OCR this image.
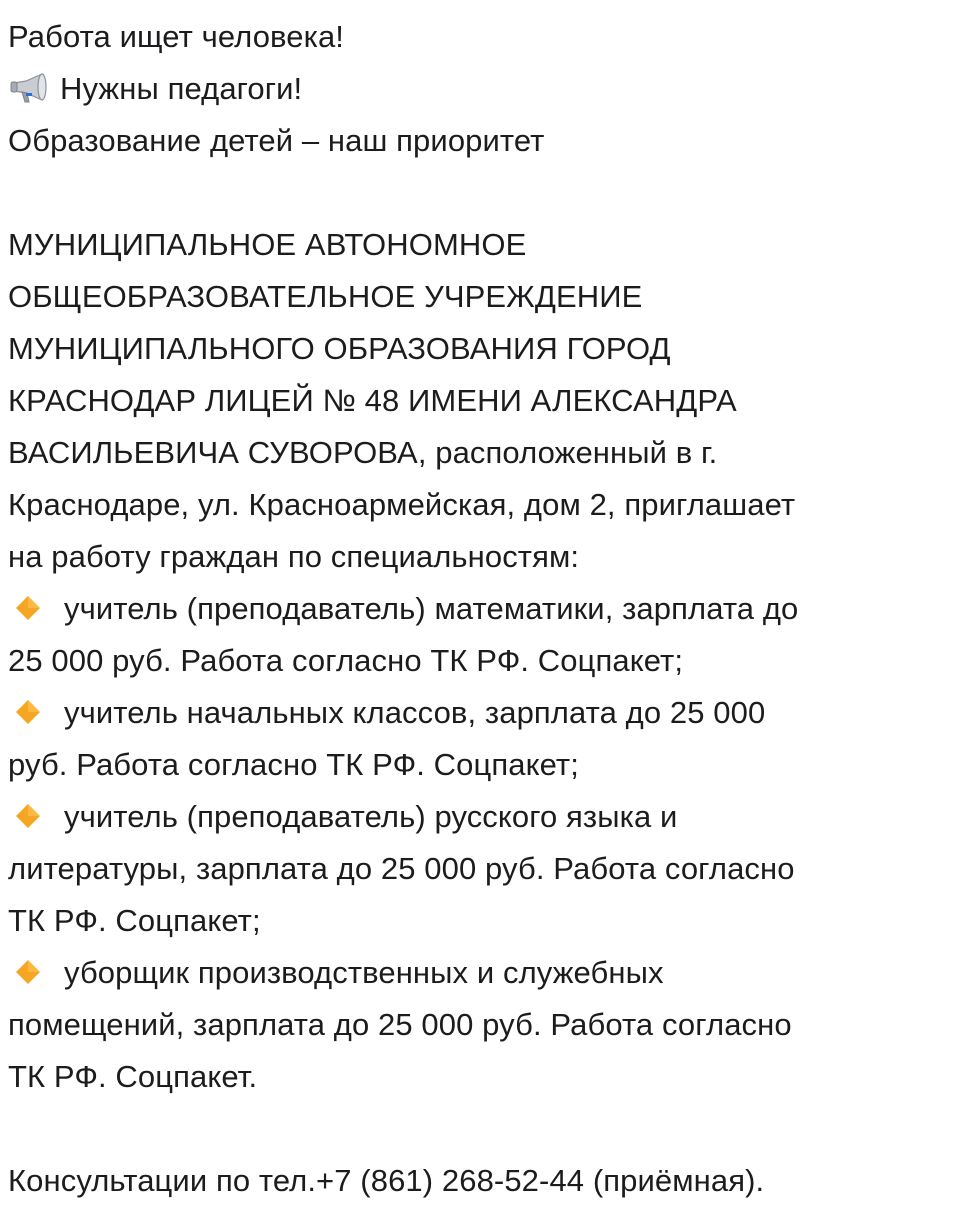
Работа ищет человека!
Нужны педагоги!
Образование детей – наш приоритет
МУНИЦИПАЛЬНОЕ АВТОНОМНОЕ
ОБЩЕОБРАЗОВАТЕЛЬНОЕ УЧРЕЖДЕНИЕ
МУНИЦИПАЛЬНОГО ОБРАЗОВАНИЯ ГОРОД
КРАСНОДАР ЛИЦЕЙ № 48 ИМЕНИ АЛЕКСАНДРА
ВАСИЛЬЕВИЧА СУВОРОВА, расположенный в г.
Краснодаре, ул. Красноармейская, дом 2, приглашает
на работу граждан по специальностям:
учитель (преподаватель) математики, зарплата до
25 000 руб. Работа согласно ТК РФ. Соцпакет;
учитель начальных классов, зарплата до 25 000
руб. Работа согласно ТК РФ. Соцпакет;
учитель (преподаватель) русского языка и
литературы, зарплата до 25 000 руб. Работа согласно
ТК РФ. Соцпакет;
уборщик производственных и служебных
помещений, зарплата до 25 000 руб. Работа согласно
ТК РФ. Соцпакет.
Консультации по тел.+7 (861) 268-52-44 (приёмная).
